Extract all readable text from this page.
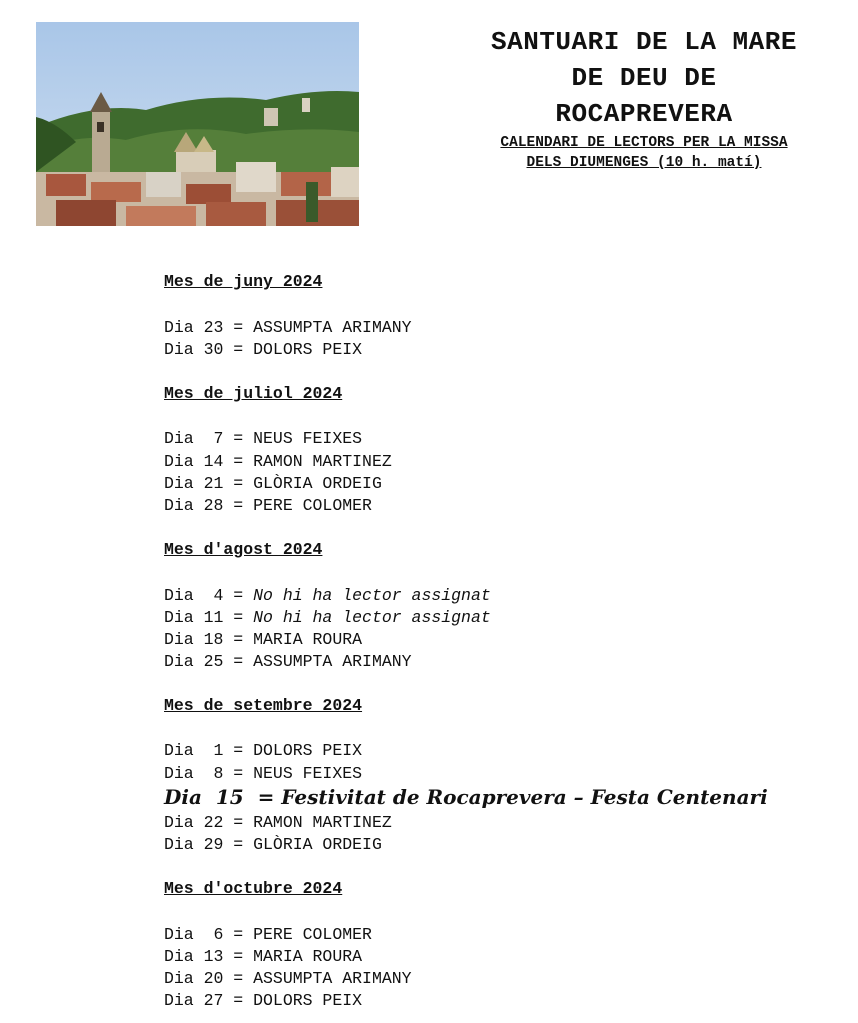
SANTUARI DE LA MARE
DE DEU DE
ROCAPREVERA
CALENDARI DE LECTORS PER LA MISSA
DELS DIUMENGES (10 h. matí)
Mes de juny 2024
Dia 23 = ASSUMPTA ARIMANY
Dia 30 = DOLORS PEIX
Mes de juliol 2024
Dia  7 = NEUS FEIXES
Dia 14 = RAMON MARTINEZ
Dia 21 = GLÒRIA ORDEIG
Dia 28 = PERE COLOMER
Mes d'agost 2024
Dia  4 = No hi ha lector assignat
Dia 11 = No hi ha lector assignat
Dia 18 = MARIA ROURA
Dia 25 = ASSUMPTA ARIMANY
Mes de setembre 2024
Dia  1 = DOLORS PEIX
Dia  8 = NEUS FEIXES
Dia  15  = Festivitat de Rocaprevera – Festa Centenari
Dia 22 = RAMON MARTINEZ
Dia 29 = GLÒRIA ORDEIG
Mes d'octubre 2024
Dia  6 = PERE COLOMER
Dia 13 = MARIA ROURA
Dia 20 = ASSUMPTA ARIMANY
Dia 27 = DOLORS PEIX
